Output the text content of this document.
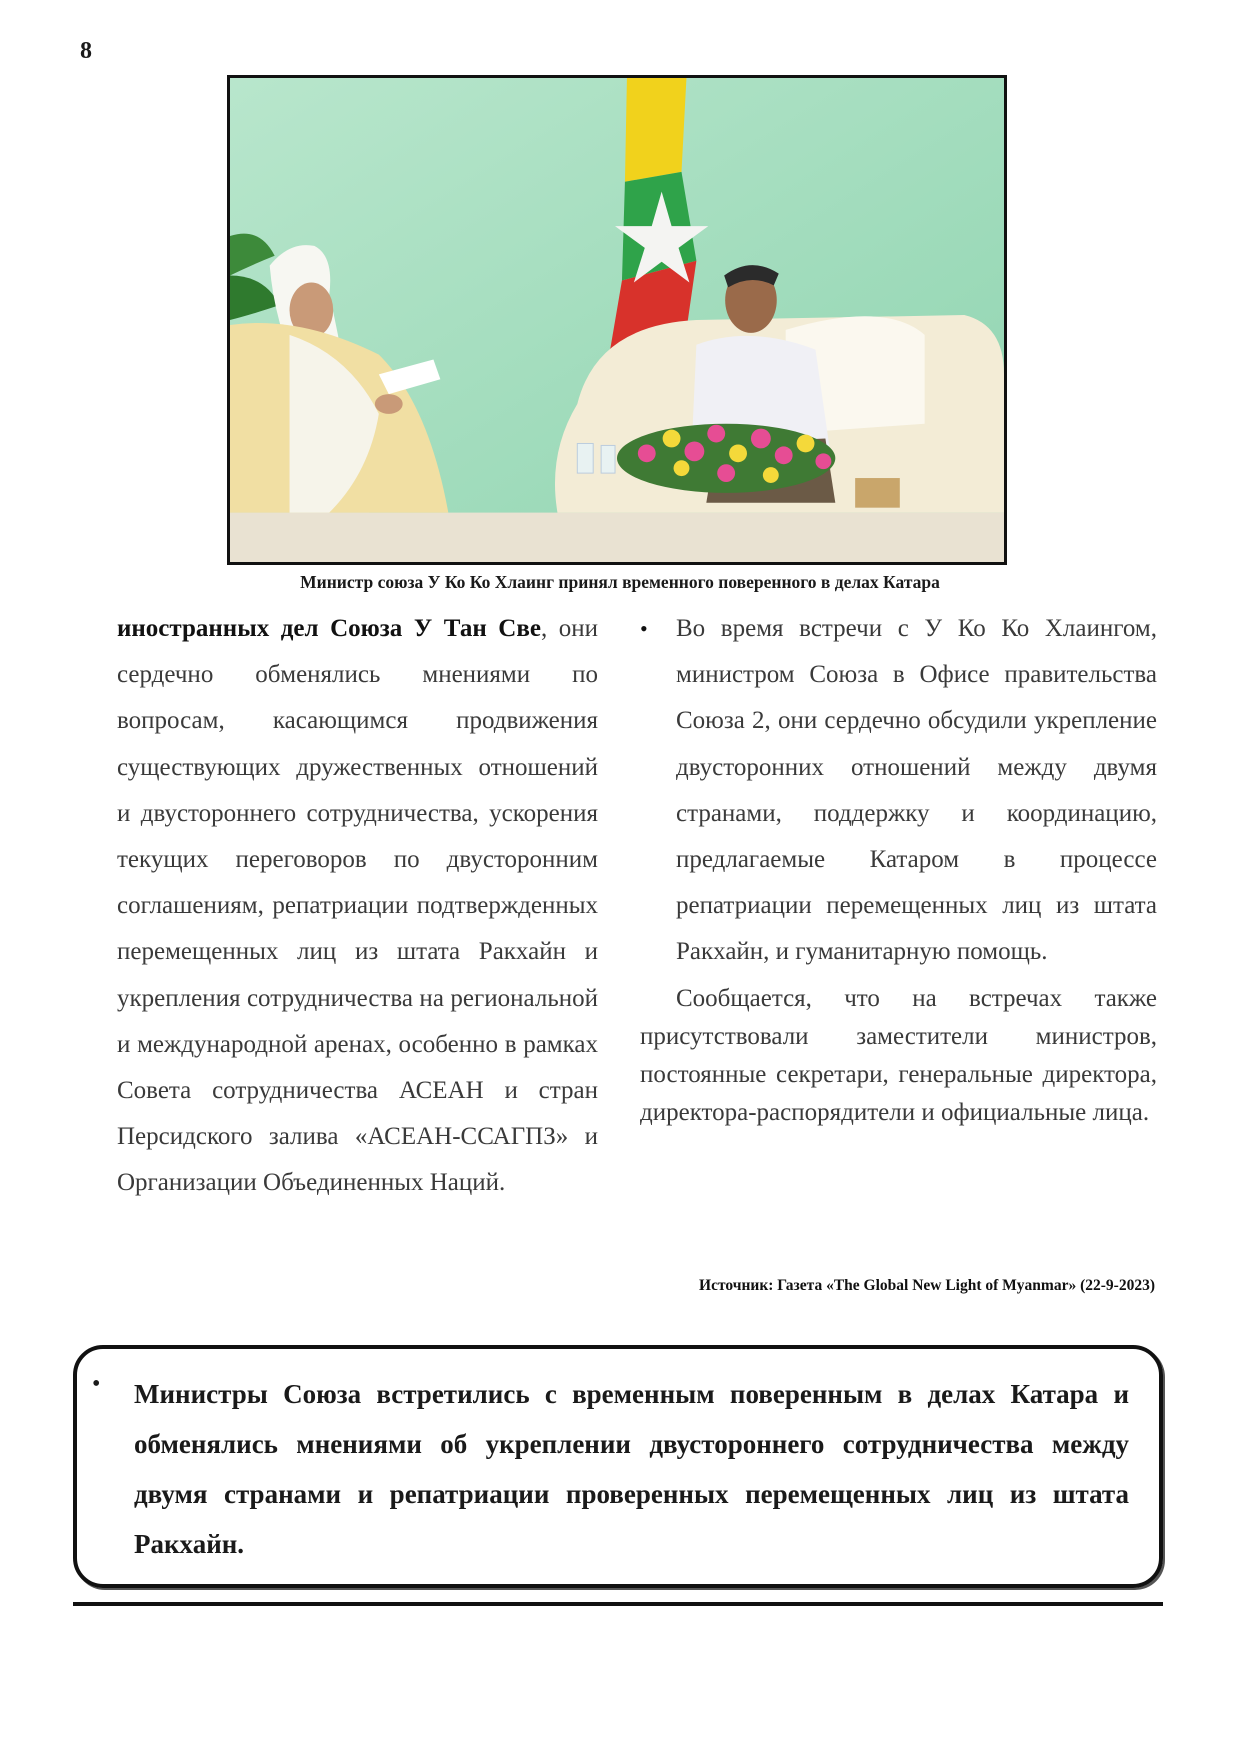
8
Министр союза У Ко Ко Хлаинг принял временного поверенного в делах Катара

иностранных дел Союза У Тан Све, они сердечно обменялись мнениями по вопросам, касающимся продвижения существующих дружественных отношений и двустороннего сотрудничества, ускорения текущих переговоров по двусторонним соглашениям, репатриации подтвержденных перемещенных лиц из штата Ракхайн и укрепления сотрудничества на региональной и международной аренах, особенно в рамках Совета сотрудничества АСЕАН и стран Персидского залива «АСЕАН-ССАГПЗ» и Организации Объединенных Наций.

•	Во время встречи с У Ко Ко Хлаингом, министром Союза в Офисе правительства Союза 2, они сердечно обсудили укрепление двусторонних отношений между двумя странами, поддержку и координацию, предлагаемые Катаром в процессе репатриации перемещенных лиц из штата Ракхайн, и гуманитарную помощь.

Сообщается, что на встречах также присутствовали заместители министров, постоянные секретари, генеральные директора, директора-распорядители и официальные лица.

Источник: Газета «The Global New Light of Myanmar» (22-9-2023)
•	Министры Союза встретились с временным поверенным в делах Катара и обменялись мнениями об укреплении двустороннего сотрудничества между двумя странами и репатриации проверенных перемещенных лиц из штата Ракхайн.
